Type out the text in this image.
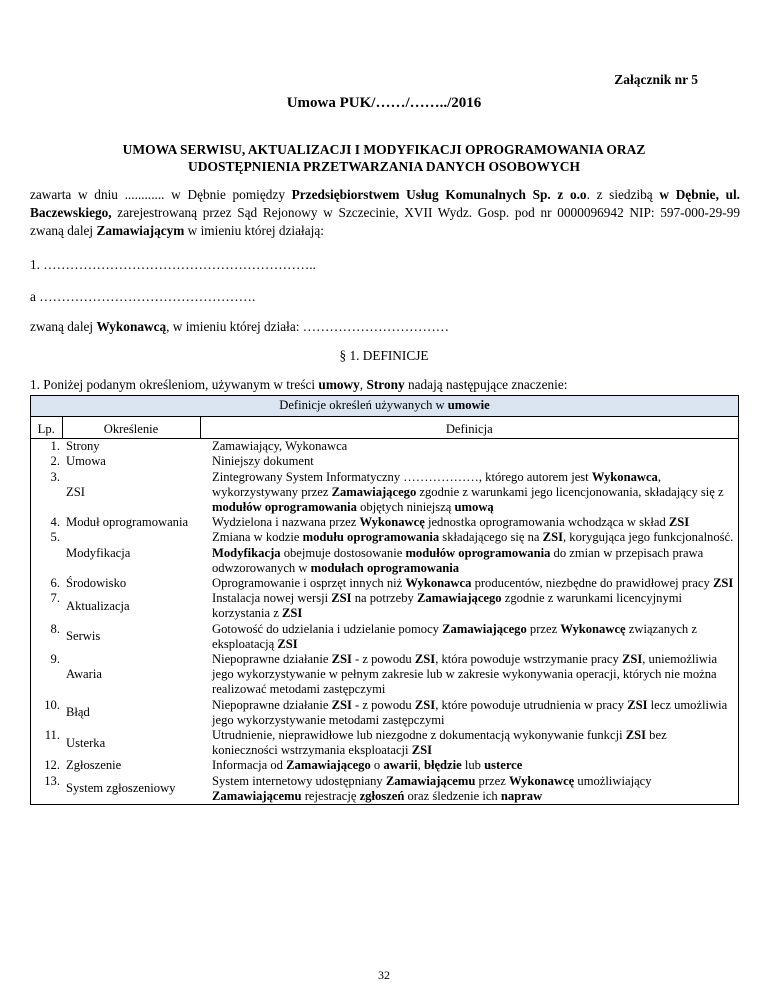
Załącznik nr 5
Umowa PUK/……/……../2016
UMOWA SERWISU, AKTUALIZACJI I MODYFIKACJI OPROGRAMOWANIA ORAZ
UDOSTĘPNIENIA PRZETWARZANIA DANYCH OSOBOWYCH
zawarta w dniu ............ w Dębnie pomiędzy Przedsiębiorstwem Usług Komunalnych Sp. z o.o. z siedzibą w Dębnie, ul. Baczewskiego, zarejestrowaną przez Sąd Rejonowy w Szczecinie, XVII Wydz. Gosp. pod nr 0000096942 NIP: 597-000-29-99 zwaną dalej Zamawiającym w imieniu której działają:
1. ……………………………………………………..
a ………………………………………….
zwaną dalej Wykonawcą, w imieniu której działa: ……………………………
§ 1. DEFINICJE
1. Poniżej podanym określeniom, używanym w treści umowy, Strony nadają następujące znaczenie:
Definicje określeń używanych w umowie		
Lp.	Określenie	Definicja
1.	Strony	Zamawiający, Wykonawca
2.	Umowa	Niniejszy dokument
3.	ZSI	Zintegrowany System Informatyczny ………………, którego autorem jest Wykonawca, wykorzystywany przez Zamawiającego zgodnie z warunkami jego licencjonowania, składający się z modułów oprogramowania objętych niniejszą umową
4.	Moduł oprogramowania	Wydzielona i nazwana przez Wykonawcę jednostka oprogramowania wchodząca w skład ZSI
5.	Modyfikacja	Zmiana w kodzie modułu oprogramowania składającego się na ZSI, korygująca jego funkcjonalność. Modyfikacja obejmuje dostosowanie modułów oprogramowania do zmian w przepisach prawa odwzorowanych w modułach oprogramowania
6.	Środowisko	Oprogramowanie i osprzęt innych niż Wykonawca producentów, niezbędne do prawidłowej pracy ZSI
7.	Aktualizacja	Instalacja nowej wersji ZSI na potrzeby Zamawiającego zgodnie z warunkami licencyjnymi korzystania z ZSI
8.	Serwis	Gotowość do udzielania i udzielanie pomocy Zamawiającego przez Wykonawcę związanych z eksploatacją ZSI
9.	Awaria	Niepoprawne działanie ZSI - z powodu ZSI, która powoduje wstrzymanie pracy ZSI, uniemożliwia jego wykorzystywanie w pełnym zakresie lub w zakresie wykonywania operacji, których nie można realizować metodami zastępczymi
10.	Błąd	Niepoprawne działanie ZSI - z powodu ZSI, które powoduje utrudnienia w pracy ZSI lecz umożliwia jego wykorzystywanie metodami zastępczymi
11.	Usterka	Utrudnienie, nieprawidłowe lub niezgodne z dokumentacją wykonywanie funkcji ZSI bez konieczności wstrzymania eksploatacji ZSI
12.	Zgłoszenie	Informacja od Zamawiającego o awarii, błędzie lub usterce
13.	System zgłoszeniowy	System internetowy udostępniany Zamawiającemu przez Wykonawcę umożliwiający Zamawiającemu rejestrację zgłoszeń oraz śledzenie ich napraw
32
